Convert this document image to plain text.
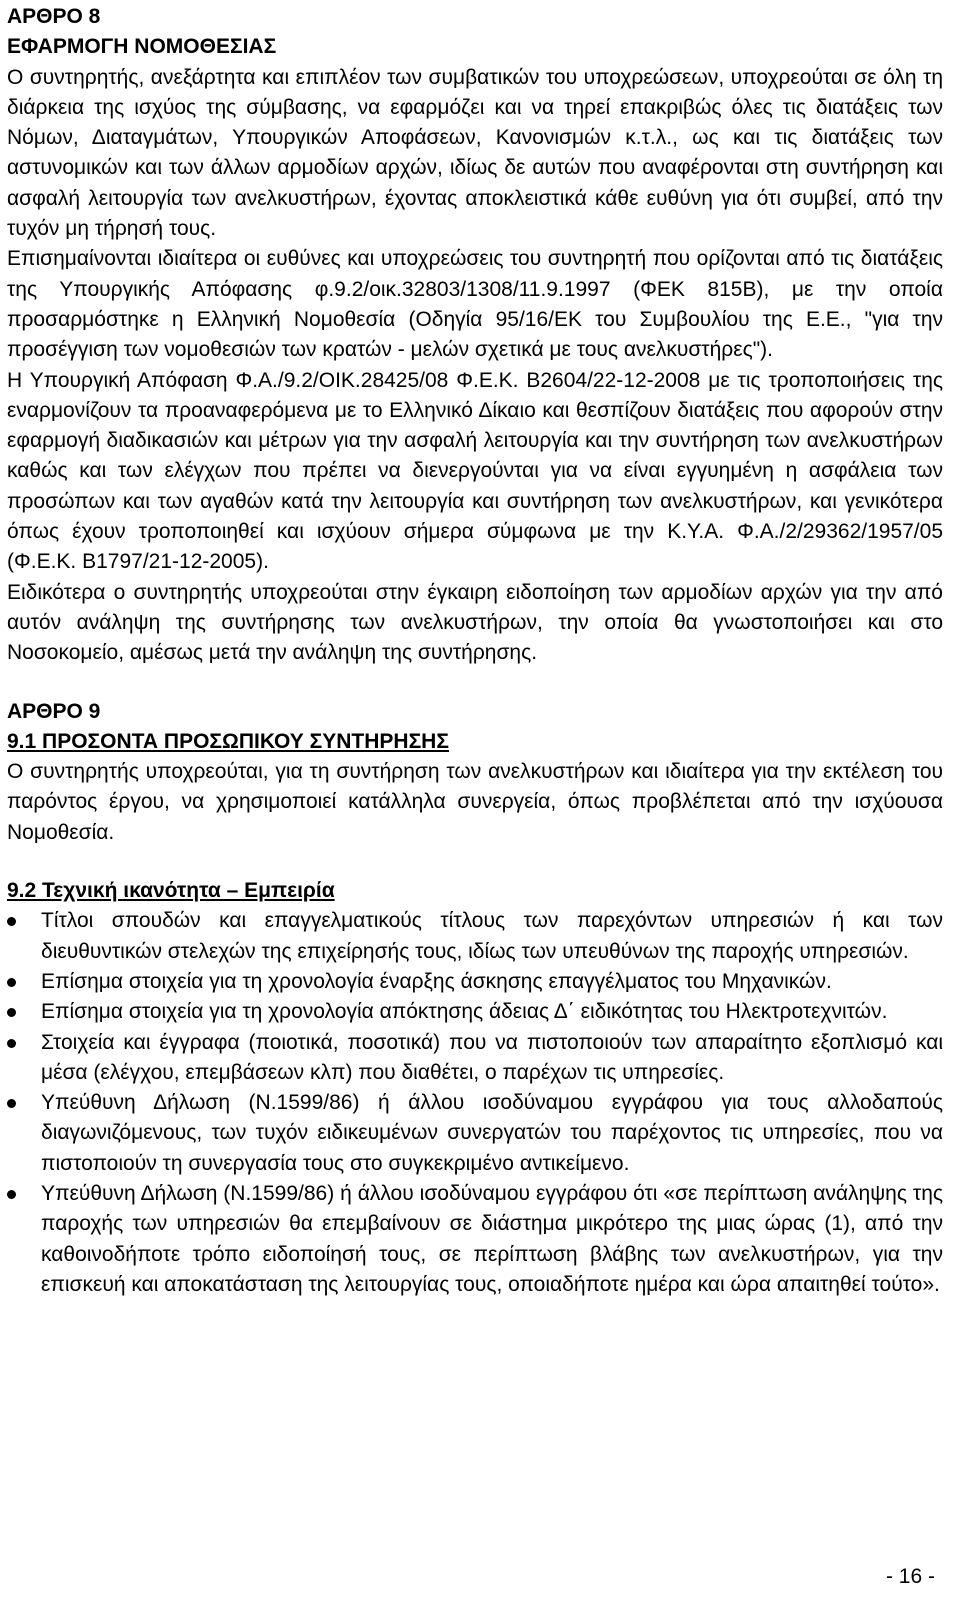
ΑΡΘΡΟ 8

ΕΦΑΡΜΟΓΗ ΝΟΜΟΘΕΣΙΑΣ

Ο συντηρητής, ανεξάρτητα και επιπλέον των συμβατικών του υποχρεώσεων, υποχρεούται σε όλη τη διάρκεια της ισχύος της σύμβασης, να εφαρμόζει και να τηρεί επακριβώς όλες τις διατάξεις των Νόμων, Διαταγμάτων, Υπουργικών Αποφάσεων, Κανονισμών κ.τ.λ., ως και τις διατάξεις των αστυνομικών και των άλλων αρμοδίων αρχών, ιδίως δε αυτών που αναφέρονται στη συντήρηση και ασφαλή λειτουργία των ανελκυστήρων, έχοντας αποκλειστικά κάθε ευθύνη για ότι συμβεί, από την τυχόν μη τήρησή τους.

Επισημαίνονται ιδιαίτερα οι ευθύνες και υποχρεώσεις του συντηρητή που ορίζονται από τις διατάξεις της Υπουργικής Απόφασης φ.9.2/οικ.32803/1308/11.9.1997 (ΦΕΚ 815Β), με την οποία προσαρμόστηκε η Ελληνική Νομοθεσία (Οδηγία 95/16/ΕΚ του Συμβουλίου της Ε.Ε., "για την προσέγγιση των νομοθεσιών των κρατών - μελών σχετικά με τους ανελκυστήρες").

Η Υπουργική Απόφαση Φ.Α./9.2/ΟΙΚ.28425/08 Φ.Ε.Κ. Β2604/22-12-2008 με τις τροποποιήσεις της εναρμονίζουν τα προαναφερόμενα με το Ελληνικό Δίκαιο και θεσπίζουν διατάξεις που αφορούν στην εφαρμογή διαδικασιών και μέτρων για την ασφαλή λειτουργία και την συντήρηση των ανελκυστήρων καθώς και των ελέγχων που πρέπει να διενεργούνται για να είναι εγγυημένη η ασφάλεια των προσώπων και των αγαθών κατά την λειτουργία και συντήρηση των ανελκυστήρων, και γενικότερα όπως έχουν τροποποιηθεί και ισχύουν σήμερα σύμφωνα με την Κ.Υ.Α. Φ.Α./2/29362/1957/05 (Φ.Ε.Κ. Β1797/21-12-2005).

Ειδικότερα ο συντηρητής υποχρεούται στην έγκαιρη ειδοποίηση των αρμοδίων αρχών για την από αυτόν ανάληψη της συντήρησης των ανελκυστήρων, την οποία θα γνωστοποιήσει και στο Νοσοκομείο, αμέσως μετά την ανάληψη της συντήρησης.

ΑΡΘΡΟ 9

9.1 ΠΡΟΣΟΝΤΑ ΠΡΟΣΩΠΙΚΟΥ ΣΥΝΤΗΡΗΣΗΣ

Ο συντηρητής υποχρεούται, για τη συντήρηση των ανελκυστήρων και ιδιαίτερα για την εκτέλεση του παρόντος έργου, να χρησιμοποιεί κατάλληλα συνεργεία, όπως προβλέπεται από την ισχύουσα Νομοθεσία.

9.2 Τεχνική ικανότητα – Εμπειρία

Τίτλοι σπουδών και επαγγελματικούς τίτλους των παρεχόντων υπηρεσιών ή και των διευθυντικών στελεχών της επιχείρησής τους, ιδίως των υπευθύνων της παροχής υπηρεσιών.
Επίσημα στοιχεία για τη χρονολογία έναρξης άσκησης επαγγέλματος του Μηχανικών.
Επίσημα στοιχεία για τη χρονολογία απόκτησης άδειας Δ΄ ειδικότητας του Ηλεκτροτεχνιτών.
Στοιχεία και έγγραφα (ποιοτικά, ποσοτικά) που να πιστοποιούν των απαραίτητο εξοπλισμό και μέσα (ελέγχου, επεμβάσεων κλπ) που διαθέτει, ο παρέχων τις υπηρεσίες.
Υπεύθυνη Δήλωση (Ν.1599/86) ή άλλου ισοδύναμου εγγράφου για τους αλλοδαπούς διαγωνιζόμενους, των τυχόν ειδικευμένων συνεργατών του παρέχοντος τις υπηρεσίες, που να πιστοποιούν τη συνεργασία τους στο συγκεκριμένο αντικείμενο.
Υπεύθυνη Δήλωση (Ν.1599/86) ή άλλου ισοδύναμου εγγράφου ότι «σε περίπτωση ανάληψης της παροχής των υπηρεσιών θα επεμβαίνουν σε διάστημα μικρότερο της μιας ώρας (1), από την καθοινοδήποτε τρόπο ειδοποίησή τους, σε περίπτωση βλάβης των ανελκυστήρων, για την επισκευή και αποκατάσταση της λειτουργίας τους, οποιαδήποτε ημέρα και ώρα απαιτηθεί τούτο».
- 16 -
